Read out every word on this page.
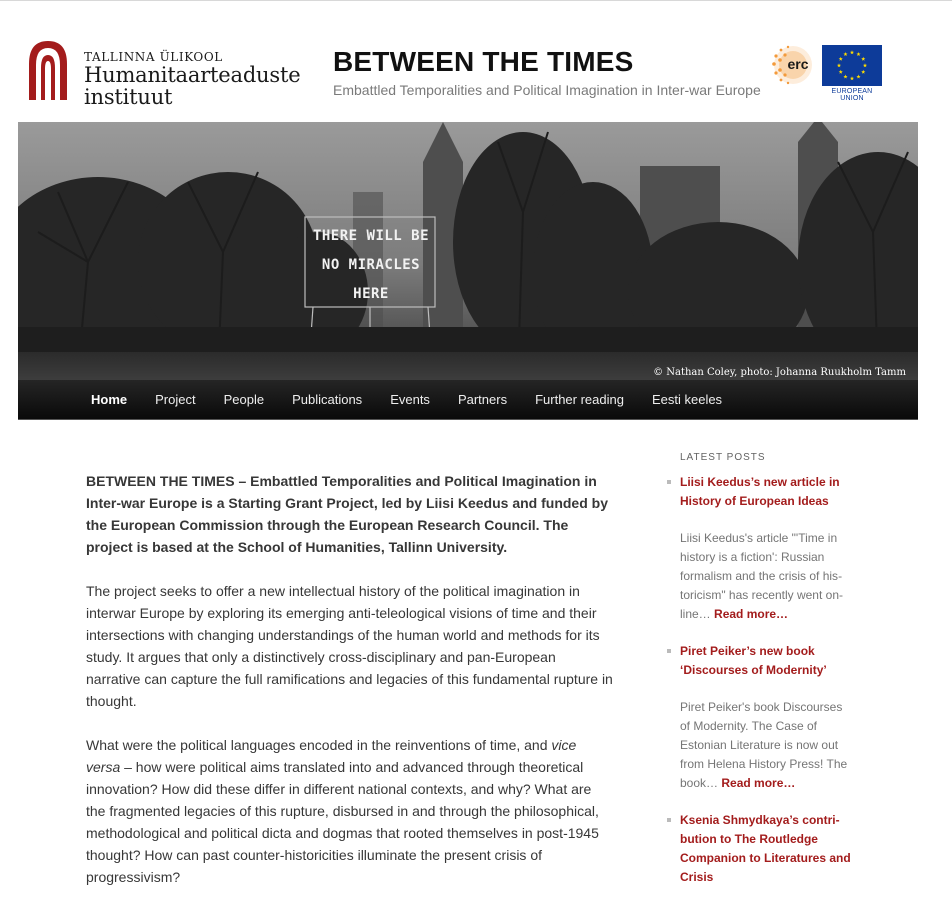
TALLINNA ÜLIKOOL
Humanitaarteaduste
instituut
BETWEEN THE TIMES
Embattled Temporalities and Political Imagination in Inter-war Europe
erc
EUROPEAN UNION
THERE WILL BE
NO MIRACLES
HERE
© Nathan Coley, photo: Johanna Ruukholm Tamm
Home	Project	People	Publications	Events	Partners	Further reading	Eesti keeles

BETWEEN THE TIMES – Embattled Temporalities and Political Imagination in Inter-war Europe is a Starting Grant Project, led by Liisi Keedus and funded by the European Commission through the European Research Council. The project is based at the School of Humanities, Tallinn University.

The project seeks to offer a new intellectual history of the political imagination in interwar Europe by exploring its emerging anti-teleological visions of time and their intersections with changing understandings of the human world and methods for its study. It argues that only a distinctively cross-disciplinary and pan-European narrative can capture the full ramifications and legacies of this fundamental rupture in thought.

What were the political languages encoded in the reinventions of time, and vice versa – how were political aims translated into and advanced through theoretical innovation? How did these differ in different national contexts, and why? What are the fragmented legacies of this rupture, disbursed in and through the philosophical, methodological and political dicta and dogmas that rooted themselves in post-1945 thought? How can past counter-historicities illuminate the present crisis of progressivism?

LATEST POSTS
Liisi Keedus’s new article in History of European Ideas
Liisi Keedus's article "'Time in history is a fiction': Russian formalism and the crisis of historicism" has recently went online… Read more…
Piret Peiker’s new book ‘Discourses of Modernity’
Piret Peiker's book Discourses of Modernity. The Case of Estonian Literature is now out from Helena History Press! The book… Read more…
Ksenia Shmydkaya’s contribution to The Routledge Companion to Literatures and Crisis
